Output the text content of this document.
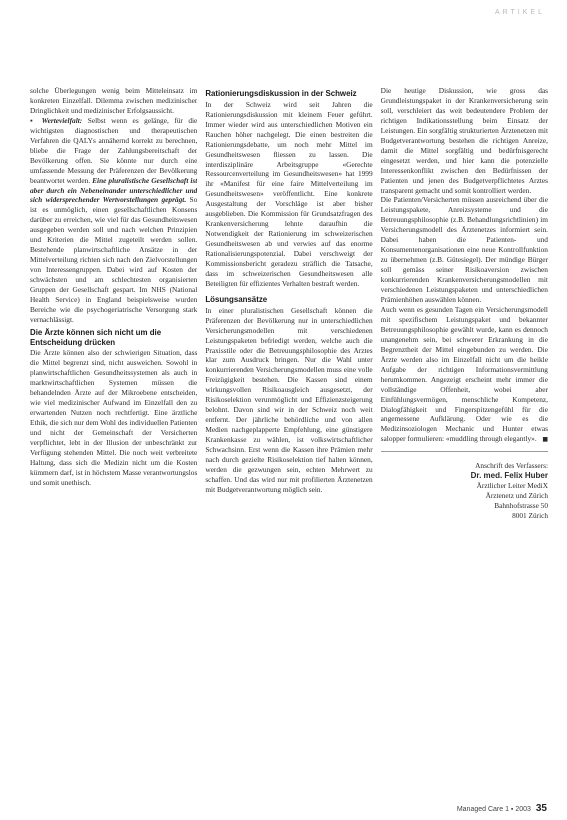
ARTIKEL

solche Überlegungen wenig beim Mitteleinsatz im konkreten Einzelfall. Dilemma zwischen medizinischer Dringlichkeit und medizinischer Erfolgsaussicht.

▪ Wertevielfalt: Selbst wenn es gelänge, für die wichtigsten diagnostischen und therapeutischen Verfahren die QALYs annähernd korrekt zu berechnen, bliebe die Frage der Zahlungsbereitschaft der Bevölkerung offen. Sie könnte nur durch eine umfassende Messung der Präferenzen der Bevölkerung beantwortet werden. Eine pluralistische Gesellschaft ist aber durch ein Nebeneinander unterschiedlicher und sich widersprechender Wertvorstellungen geprägt. So ist es unmöglich, einen gesellschaftlichen Konsens darüber zu erreichen, wie viel für das Gesundheitswesen ausgegeben werden soll und nach welchen Prinzipien und Kriterien die Mittel zugeteilt werden sollen. Bestehende planwirtschaftliche Ansätze in der Mittelverteilung richten sich nach den Zielvorstellungen von Interessengruppen. Dabei wird auf Kosten der schwächsten und am schlechtesten organisierten Gruppen der Gesellschaft gespart. Im NHS (National Health Service) in England beispielsweise wurden Bereiche wie die psychogeriatrische Versorgung stark vernachlässigt.

Die Ärzte können sich nicht um die Entscheidung drücken

Die Ärzte können also der schwierigen Situation, dass die Mittel begrenzt sind, nicht ausweichen. Sowohl in planwirtschaftlichen Gesundheitssystemen als auch in marktwirtschaftlichen Systemen müssen die behandelnden Ärzte auf der Mikroebene entscheiden, wie viel medizinischer Aufwand im Einzelfall den zu erwartenden Nutzen noch rechtfertigt. Eine ärztliche Ethik, die sich nur dem Wohl des individuellen Patienten und nicht der Gemeinschaft der Versicherten verpflichtet, lebt in der Illusion der unbeschränkt zur Verfügung stehenden Mittel. Die noch weit verbreitete Haltung, dass sich die Medizin nicht um die Kosten kümmern darf, ist in höchstem Masse verantwortungslos und somit unethisch.

Rationierungsdiskussion in der Schweiz

In der Schweiz wird seit Jahren die Rationierungsdiskussion mit kleinem Feuer geführt. Immer wieder wird aus unterschiedlichen Motiven ein Rauchen höher nachgelegt. Die einen bestreiten die Rationierungsdebatte, um noch mehr Mittel im Gesundheitswesen fliessen zu lassen. Die interdisziplinäre Arbeitsgruppe «Gerechte Ressourcenverteilung im Gesundheitswesen» hat 1999 ihr «Manifest für eine faire Mittelverteilung im Gesundheitswesen» veröffentlicht. Eine konkrete Ausgestaltung der Vorschläge ist aber bisher ausgeblieben. Die Kommission für Grundsatzfragen des Krankenversicherung lehnte daraufhin die Notwendigkeit der Rationierung im schweizerischen Gesundheitswesen ab und verwies auf das enorme Rationalisierungspotenzial. Dabei verschweigt der Kommissionsbericht geradezu sträflich die Tatsache, dass im schweizerischen Gesundheitswesen alle Beteiligten für effizientes Verhalten bestraft werden.

Lösungsansätze

In einer pluralistischen Gesellschaft können die Präferenzen der Bevölkerung nur in unterschiedlichen Versicherungsmodellen mit verschiedenen Leistungspaketen befriedigt werden, welche auch die Praxisstile oder die Betreuungsphilosophie des Arztes klar zum Ausdruck bringen. Nur die Wahl unter konkurrierenden Versicherungsmodellen muss eine volle Freizügigkeit bestehen. Die Kassen sind einem wirkungsvollen Risikoausgleich ausgesetzt, der Risikoselektion verunmöglicht und Effizienzsteigerung belohnt. Davon sind wir in der Schweiz noch weit entfernt. Der jährliche behördliche und von allen Medien nachgeplapperte Empfehlung, eine günstigere Krankenkasse zu wählen, ist volkswirtschaftlicher Schwachsinn. Erst wenn die Kassen ihre Prämien mehr nach durch gezielte Risikoselektion tief halten können, werden die gezwungen sein, echten Mehrwert zu schaffen. Und das wird nur mit profilierten Ärztenetzen mit Budgetverantwortung möglich sein.

Die heutige Diskussion, wie gross das Grundleistungspaket in der Krankenversicherung sein soll, verschleiert das weit bedeutendere Problem der richtigen Indikationsstellung beim Einsatz der Leistungen. Ein sorgfältig strukturierten Ärztenetzen mit Budgetverantwortung bestehen die richtigen Anreize, damit die Mittel sorgfältig und bedürfnisgerecht eingesetzt werden, und hier kann die potenzielle Interessenkonflikt zwischen den Bedürfnissen der Patienten und jenen des Budgetverpflichtetes Arztes transparent gemacht und somit kontrolliert werden.

Die Patienten/Versicherten müssen ausreichend über die Leistungspakete, Anreizsysteme und die Betreuungsphilosophie (z.B. Behandlungsrichtlinien) im Versicherungsmodell des Ärztenetzes informiert sein. Dabei haben die Patienten- und Konsumentenorganisationen eine neue Kontrollfunktion zu übernehmen (z.B. Gütesiegel). Der mündige Bürger soll gemäss seiner Risikoaversion zwischen konkurrierenden Krankenversicherungsmodellen mit verschiedenen Leistungspaketen und unterschiedlichen Prämienhöhen auswählen können.

Auch wenn es gesunden Tagen ein Versicherungsmodell mit spezifischem Leistungspaket und bekannter Betreuungsphilosophie gewählt wurde, kann es dennoch unangenehm sein, bei schwerer Erkrankung in die Begrenztheit der Mittel eingebunden zu werden. Die Ärzte werden also im Einzelfall nicht um die heikle Aufgabe der richtigen Informationsvermittlung herumkommen. Angezeigt erscheint mehr immer die vollständige Offenheit, wobei aber Einfühlungsvermögen, menschliche Kompetenz, Dialogfähigkeit und Fingerspitzengefühl für die angemessene Aufklärung. Oder wie es die Medizinsoziologen Mechanic und Hunter etwas salopper formulieren: «muddling through elegantly». ■

Anschrift des Verfassers:
Dr. med. Felix Huber
Ärztlicher Leiter MediX
Ärztenetz und Zürich
Bahnhofstrasse 50
8001 Zürich
Managed Care 1 ▪ 2003 35
